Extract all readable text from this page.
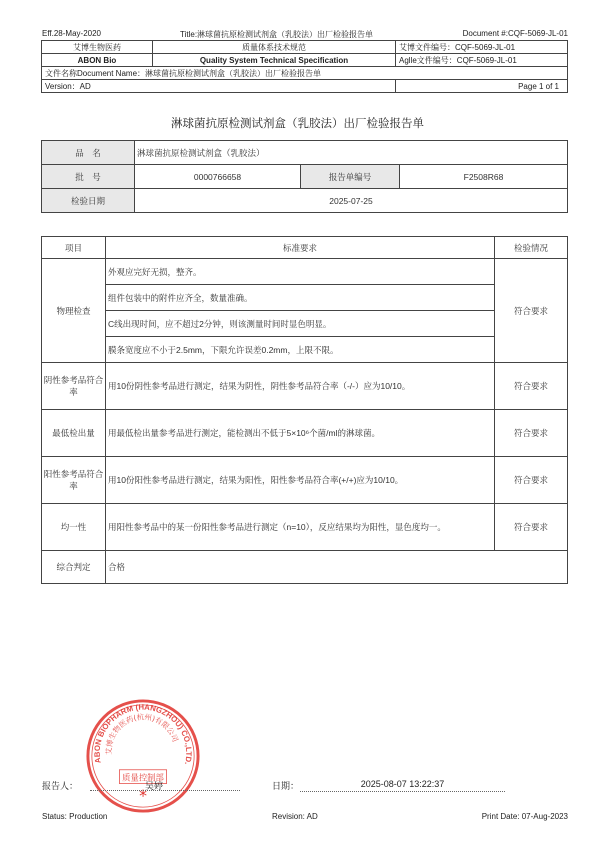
Eff.28-May-2020	Title:淋球菌抗原检测试剂盒（乳胶法）出厂检验报告单	Document #:CQF-5069-JL-01
艾博生物医药	质量体系技术规范	艾博文件编号：CQF-5069-JL-01
ABON Bio	Quality System Technical Specification	Aglle文件编号：CQF-5069-JL-01
文件名称Document Name：淋球菌抗原检测试剂盒（乳胶法）出厂检验报告单		
Version：AD		Page 1 of 1
淋球菌抗原检测试剂盒（乳胶法）出厂检验报告单
品　名	淋球菌抗原检测试剂盒（乳胶法）		
批　号	0000766658	报告单编号	F2508R68
检验日期	2025-07-25		
项目	标准要求		检验情况
物理检查		外观应完好无损，整齐。	符合要求
		组件包装中的附件应齐全，数量准确。	
		C线出现时间，应不超过2分钟，则该测量时间时显色明显。	
		膜条宽度应不小于2.5mm，下限允许误差0.2mm，上限不限。	
阴性参考品符合率	用10份阴性参考品进行测定，结果为阴性，阴性参考品符合率（-/-）应为10/10。		符合要求
最低检出量	用最低检出量参考品进行测定，能检测出不低于5×10⁶个菌/ml的淋球菌。		符合要求
阳性参考品符合率	用10份阳性参考品进行测定，结果为阳性，阳性参考品符合率(+/+)应为10/10。		符合要求
均一性	用阳性参考品中的某一份阳性参考品进行测定（n=10），反应结果均为阳性，显色度均一。		符合要求
综合判定	合格		
ABON BIOPHARM (HANGZHOU) CO.,LTD.
艾博生物医药(杭州)有限公司
质量控制部
*
报告人：	吴婷	日期：	2025-08-07 13:22:37
Status: Production	Revision: AD	Print Date: 07-Aug-2023
